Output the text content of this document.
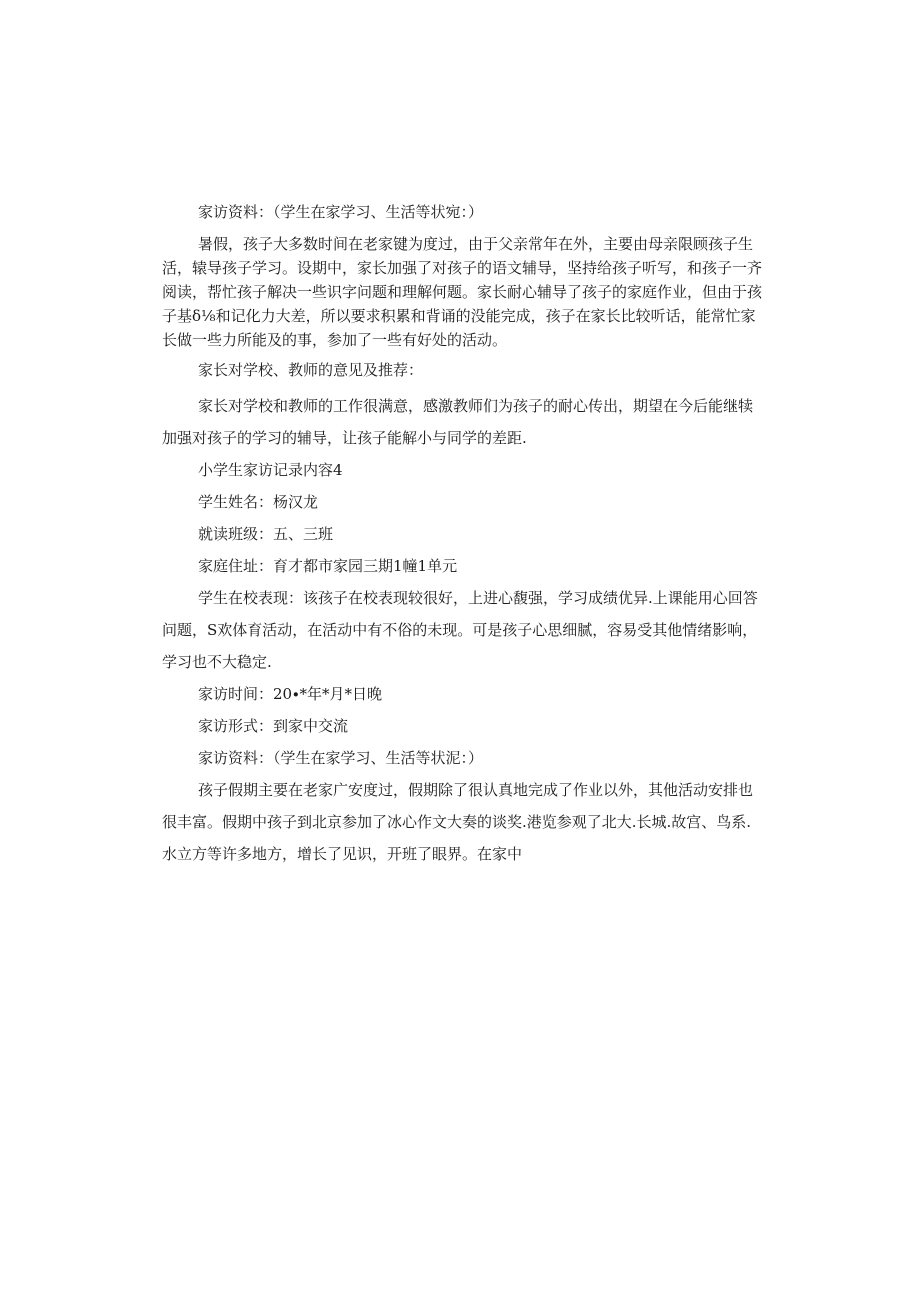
家访资料：（学生在家学习、生活等状宛：）

暑假，孩子大多数时间在老家键为度过，由于父亲常年在外，主要由母亲限顾孩子生活，辕导孩子学习。设期中，家长加强了对孩子的语文辅导，坚持给孩子听写，和孩子一齐阅读，帮忙孩子解决一些识字问题和理解何题。家长耐心辅导了孩子的家庭作业，但由于孩子基δ⅛和记化力大差，所以要求积累和背诵的没能完成，孩子在家长比较听话，能常忙家长做一些力所能及的事，参加了一些有好处的活动。

家长对学校、教师的意见及推荐：

家长对学校和教师的工作很满意，感激教师们为孩子的耐心传出，期望在今后能继犊加强对孩子的学习的辅导，让孩子能解小与同学的差距.

小学生家访记录内容4

学生姓名：杨汉龙

就读班级：五、三班

家庭住址：育才都市家园三期1幢1单元

学生在校表现：该孩子在校表现较很好，上进心馥强，学习成绩优异.上课能用心回答问题，S欢体育活动，在活动中有不俗的未现。可是孩子心思细腻，容易受其他情绪影响，学习也不大稳定.

家访时间：20∙*年*月*日晚

家访形式：到家中交流

家访资料：（学生在家学习、生活等状泥：）

孩子假期主要在老家广安度过，假期除了很认真地完成了作业以外，其他活动安排也很丰富。假期中孩子到北京参加了冰心作文大奏的谈奖.港览参观了北大.长城.故宫、鸟系.水立方等许多地方，增长了见识，开班了眼界。在家中
